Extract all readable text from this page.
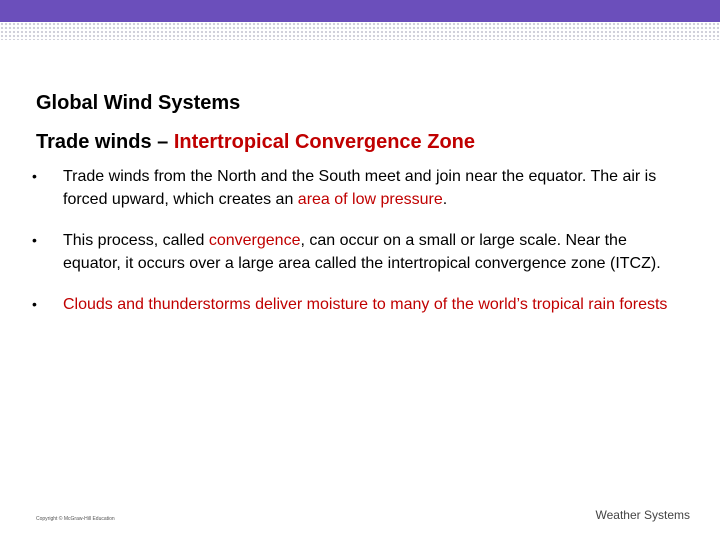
Global Wind Systems
Trade winds – Intertropical Convergence Zone
• Trade winds from the North and the South meet and join near the equator. The air is forced upward, which creates an area of low pressure.
• This process, called convergence, can occur on a small or large scale. Near the equator, it occurs over a large area called the intertropical convergence zone (ITCZ).
• Clouds and thunderstorms deliver moisture to many of the world’s tropical rain forests
Copyright © McGraw-Hill Education	Weather Systems
